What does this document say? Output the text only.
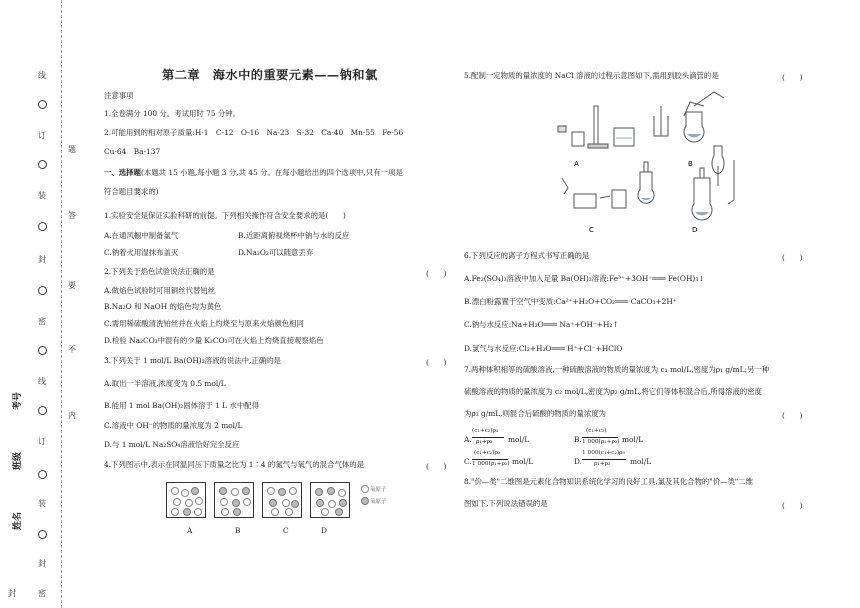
线
订
题
装
答
封
要
密
不
线
内
订
装
封
封	密
考号
班级
姓名
第二章　海水中的重要元素——钠和氯
注意事项
1.全卷满分 100 分。考试用时 75 分钟。
2.可能用到的相对原子质量:H-1　C-12　O-16　Na-23　S-32　Ca-40　Mn-55　Fe-56
Cu-64　Ba-137
一、选择题(本题共 15 小题,每小题 3 分,共 45 分。在每小题给出的四个选项中,只有一项是
符合题目要求的)
1.实验安全是保证实验科研的前提。下列相关操作符合安全要求的是(　　)
A.在通风橱中制备氯气	B.近距离俯视烧杯中钠与水的反应
C.钠着火用湿抹布盖灭	D.Na₂O₂可以随意丢弃
2.下列关于焰色试验说法正确的是	(　　)
A.做焰色试验时可用铜丝代替铂丝
B.Na₂O 和 NaOH 的焰色均为黄色
C.需用稀硫酸清洗铂丝并在火焰上灼烧至与原来火焰颜色相同
D.检验 Na₂CO₃中混有的少量 K₂CO₃可在火焰上灼烧直接观察焰色
3.下列关于 1 mol/L Ba(OH)₂溶液的说法中,正确的是	(　　)
A.取出一半溶液,浓度变为 0.5 mol/L
B.能用 1 mol Ba(OH)₂固体溶于 1 L 水中配得
C.溶液中 OH⁻的物质的量浓度为 2 mol/L
D.与 1 mol/L Na₂SO₄溶液恰好完全反应
4.下列图示中,表示在同温同压下质量之比为 1∶4 的氮气与氧气的混合气体的是	(　　)
氧原子
氧原子
A	B	C	D
5.配制一定物质的量浓度的 NaCl 溶液的过程示意图如下,需用到胶头滴管的是	(　　)
A	B
C	D
6.下列反应的离子方程式书写正确的是	(　　)
A.Fe₂(SO₄)₃溶液中加入足量 Ba(OH)₂溶液:Fe³⁺+3OH⁻═══ Fe(OH)₃↓
B.漂白粉露置于空气中变质:Ca²⁺+H₂O+CO₂═══ CaCO₃+2H⁺
C.钠与水反应:Na+H₂O═══ Na⁺+OH⁻+H₂↑
D.氯气与水反应:Cl₂+H₂O═══ H⁺+Cl⁻+HClO
7.两种体积相等的硫酸溶液,一种硫酸溶液的物质的量浓度为 c₁ mol/L,密度为ρ₁ g/mL;另一种
硫酸溶液的物质的量浓度为 c₂ mol/L,密度为ρ₂ g/mL,将它们等体积混合后,所得溶液的密度
为ρ₃ g/mL,则混合后硫酸的物质的量浓度为	(　　)
A.
(c₁+c₂)ρ₃
ρ₁+ρ₂ mol/L	B.
(c₁+c₂)
1 000(ρ₁+ρ₂) mol/L
C.
(c₁+c₂)ρ₃
1 000(ρ₁+ρ₂) mol/L	D.
1 000(c₁+c₂)ρ₃
ρ₁+ρ₂	mol/L
8."价—类"二维图是元素化合物知识系统化学习的良好工具,氯及其化合物的"价—类"二维
图如下,下列说法错误的是	(　　)
